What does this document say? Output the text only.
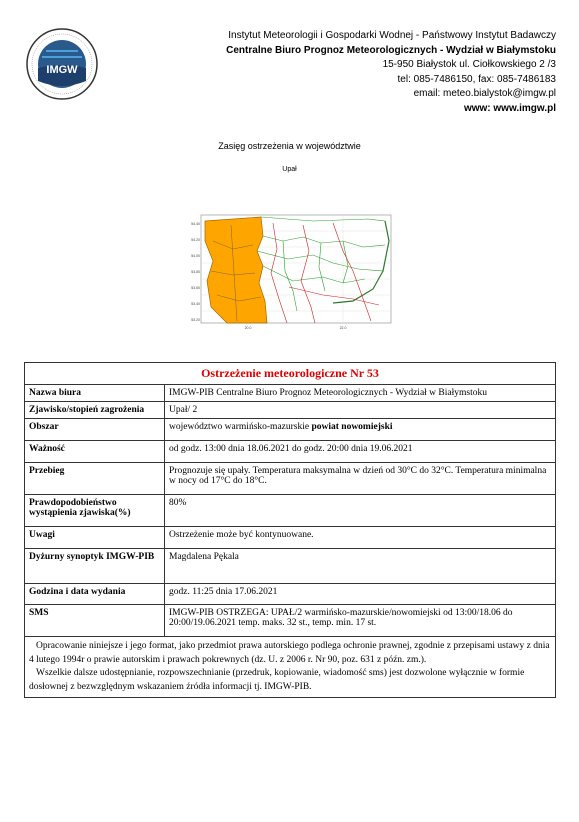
IMGW
Instytut Meteorologii i Gospodarki Wodnej - Państwowy Instytut Badawczy
Centralne Biuro Prognoz Meteorologicznych - Wydział w Białymstoku
15-950 Białystok ul. Ciołkowskiego 2 /3
tel: 085-7486150, fax: 085-7486183
email: meteo.bialystok@imgw.pl
www: www.imgw.pl
Zasięg ostrzeżenia w województwie
Upał
54.40
54.20
54.00
53.80
53.60
53.40
53.20
20.0	22.0
Ostrzeżenie meteorologiczne Nr 53	
Nazwa biura	IMGW-PIB Centralne Biuro Prognoz Meteorologicznych - Wydział w Białymstoku
Zjawisko/stopień zagrożenia	Upał/ 2
Obszar	województwo warmińsko-mazurskie powiat nowomiejski
Ważność	od godz. 13:00 dnia 18.06.2021 do godz. 20:00 dnia 19.06.2021
Przebieg	Prognozuje się upały. Temperatura maksymalna w dzień od 30°C do 32°C. Temperatura minimalna w nocy od 17°C do 18°C.
Prawdopodobieństwo wystąpienia zjawiska(%)	80%
Uwagi	Ostrzeżenie może być kontynuowane.
Dyżurny synoptyk IMGW-PIB	Magdalena Pękala
Godzina i data wydania	godz. 11:25 dnia 17.06.2021
SMS	IMGW-PIB OSTRZEGA: UPAŁ/2 warmińsko-mazurskie/nowomiejski od 13:00/18.06 do 20:00/19.06.2021 temp. maks. 32 st., temp. min. 17 st.

Opracowanie niniejsze i jego format, jako przedmiot prawa autorskiego podlega ochronie prawnej, zgodnie z przepisami ustawy z dnia 4 lutego 1994r o prawie autorskim i prawach pokrewnych (dz. U. z 2006 r. Nr 90, poz. 631 z późn. zm.).

Wszelkie dalsze udostępnianie, rozpowszechnianie (przedruk, kopiowanie, wiadomość sms) jest dozwolone wyłącznie w formie dosłownej z bezwzględnym wskazaniem źródła informacji tj. IMGW-PIB.	
